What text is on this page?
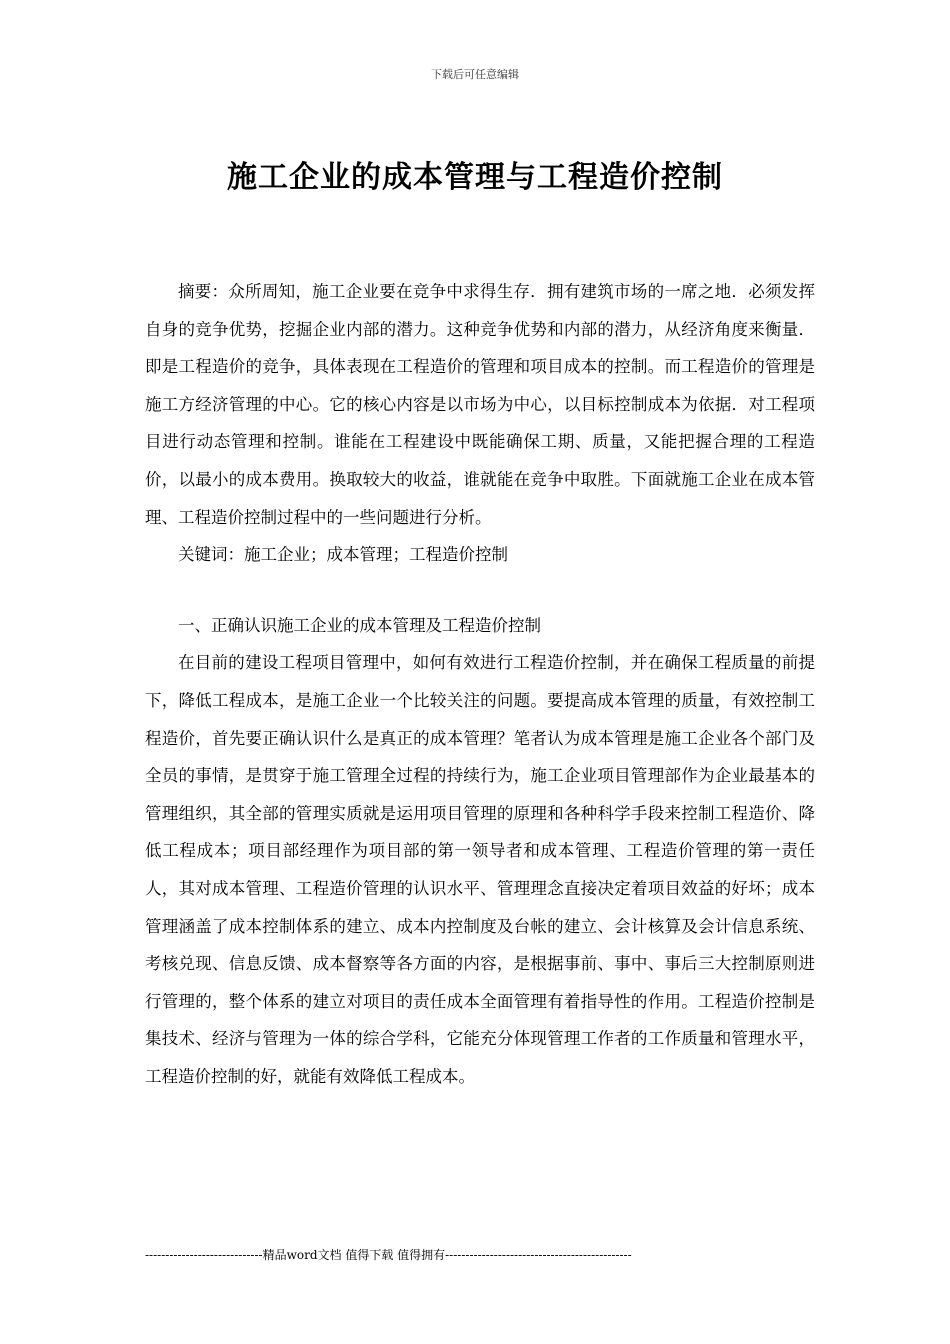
下载后可任意编辑
施工企业的成本管理与工程造价控制

摘要：众所周知，施工企业要在竞争中求得生存．拥有建筑市场的一席之地．必须发挥自身的竞争优势，挖掘企业内部的潜力。这种竞争优势和内部的潜力，从经济角度来衡量．即是工程造价的竞争，具体表现在工程造价的管理和项目成本的控制。而工程造价的管理是施工方经济管理的中心。它的核心内容是以市场为中心，以目标控制成本为依据．对工程项目进行动态管理和控制。谁能在工程建设中既能确保工期、质量，又能把握合理的工程造价，以最小的成本费用。换取较大的收益，谁就能在竞争中取胜。下面就施工企业在成本管理、工程造价控制过程中的一些问题进行分析。

关键词：施工企业；成本管理；工程造价控制

一、正确认识施工企业的成本管理及工程造价控制

在目前的建设工程项目管理中，如何有效进行工程造价控制，并在确保工程质量的前提下，降低工程成本，是施工企业一个比较关注的问题。要提高成本管理的质量，有效控制工程造价，首先要正确认识什么是真正的成本管理？笔者认为成本管理是施工企业各个部门及全员的事情，是贯穿于施工管理全过程的持续行为，施工企业项目管理部作为企业最基本的管理组织，其全部的管理实质就是运用项目管理的原理和各种科学手段来控制工程造价、降低工程成本；项目部经理作为项目部的第一领导者和成本管理、工程造价管理的第一责任人，其对成本管理、工程造价管理的认识水平、管理理念直接决定着项目效益的好坏；成本管理涵盖了成本控制体系的建立、成本内控制度及台帐的建立、会计核算及会计信息系统、考核兑现、信息反馈、成本督察等各方面的内容，是根据事前、事中、事后三大控制原则进行管理的，整个体系的建立对项目的责任成本全面管理有着指导性的作用。工程造价控制是集技术、经济与管理为一体的综合学科，它能充分体现管理工作者的工作质量和管理水平，工程造价控制的好，就能有效降低工程成本。

-----------------------------精品word文档 值得下载 值得拥有----------------------------------------------
